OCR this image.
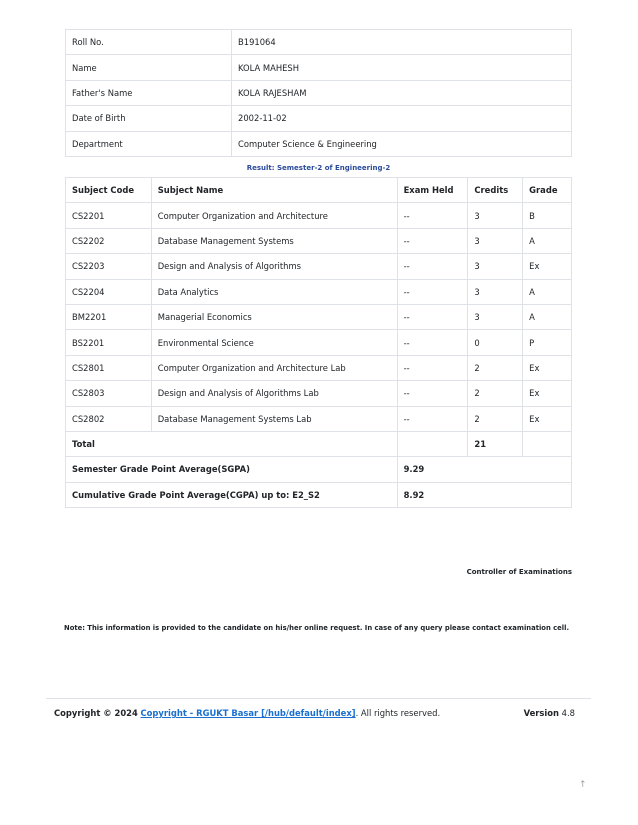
Roll No.	B191064
Name	KOLA MAHESH
Father's Name	KOLA RAJESHAM
Date of Birth	2002-11-02
Department	Computer Science & Engineering
Result: Semester-2 of Engineering-2
Subject Code	Subject Name	Exam Held	Credits	Grade
CS2201	Computer Organization and Architecture	--	3	B
CS2202	Database Management Systems	--	3	A
CS2203	Design and Analysis of Algorithms	--	3	Ex
CS2204	Data Analytics	--	3	A
BM2201	Managerial Economics	--	3	A
BS2201	Environmental Science	--	0	P
CS2801	Computer Organization and Architecture Lab	--	2	Ex
CS2803	Design and Analysis of Algorithms Lab	--	2	Ex
CS2802	Database Management Systems Lab	--	2	Ex
Total			21	
Semester Grade Point Average(SGPA)		9.29		
Cumulative Grade Point Average(CGPA) up to: E2_S2		8.92		
Controller of Examinations
Note: This information is provided to the candidate on his/her online request. In case of any query please contact examination cell.
Copyright © 2024 Copyright - RGUKT Basar [/hub/default/index]. All rights reserved.	Version 4.8
↑
